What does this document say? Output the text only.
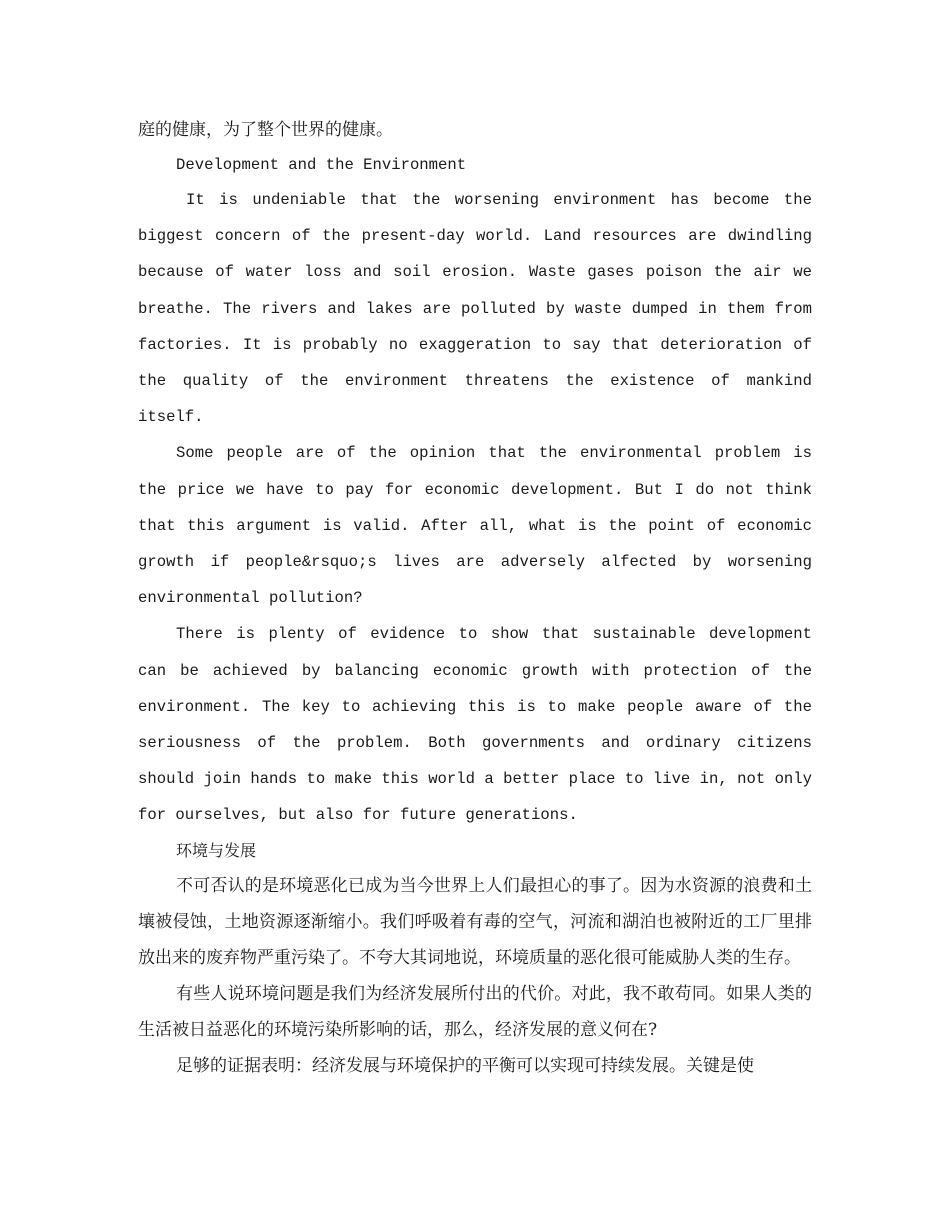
庭的健康，为了整个世界的健康。

Development and the Environment

It is undeniable that the worsening environment has become the biggest concern of the present-day world. Land resources are dwindling because of water loss and soil erosion. Waste gases poison the air we breathe. The rivers and lakes are polluted by waste dumped in them from factories. It is probably no exaggeration to say that deterioration of the quality of the environment threatens the existence of mankind itself.

Some people are of the opinion that the environmental problem is the price we have to pay for economic development. But I do not think that this argument is valid. After all, what is the point of economic growth if people&rsquo;s lives are adversely alfected by worsening environmental pollution?

There is plenty of evidence to show that sustainable development can be achieved by balancing economic growth with protection of the environment. The key to achieving this is to make people aware of the seriousness of the problem. Both governments and ordinary citizens should join hands to make this world a better place to live in, not only for ourselves, but also for future generations.

环境与发展

不可否认的是环境恶化已成为当今世界上人们最担心的事了。因为水资源的浪费和土壤被侵蚀，土地资源逐渐缩小。我们呼吸着有毒的空气，河流和湖泊也被附近的工厂里排放出来的废弃物严重污染了。不夸大其词地说，环境质量的恶化很可能威胁人类的生存。

有些人说环境问题是我们为经济发展所付出的代价。对此，我不敢苟同。如果人类的生活被日益恶化的环境污染所影响的话，那么，经济发展的意义何在?

足够的证据表明：经济发展与环境保护的平衡可以实现可持续发展。关键是使
